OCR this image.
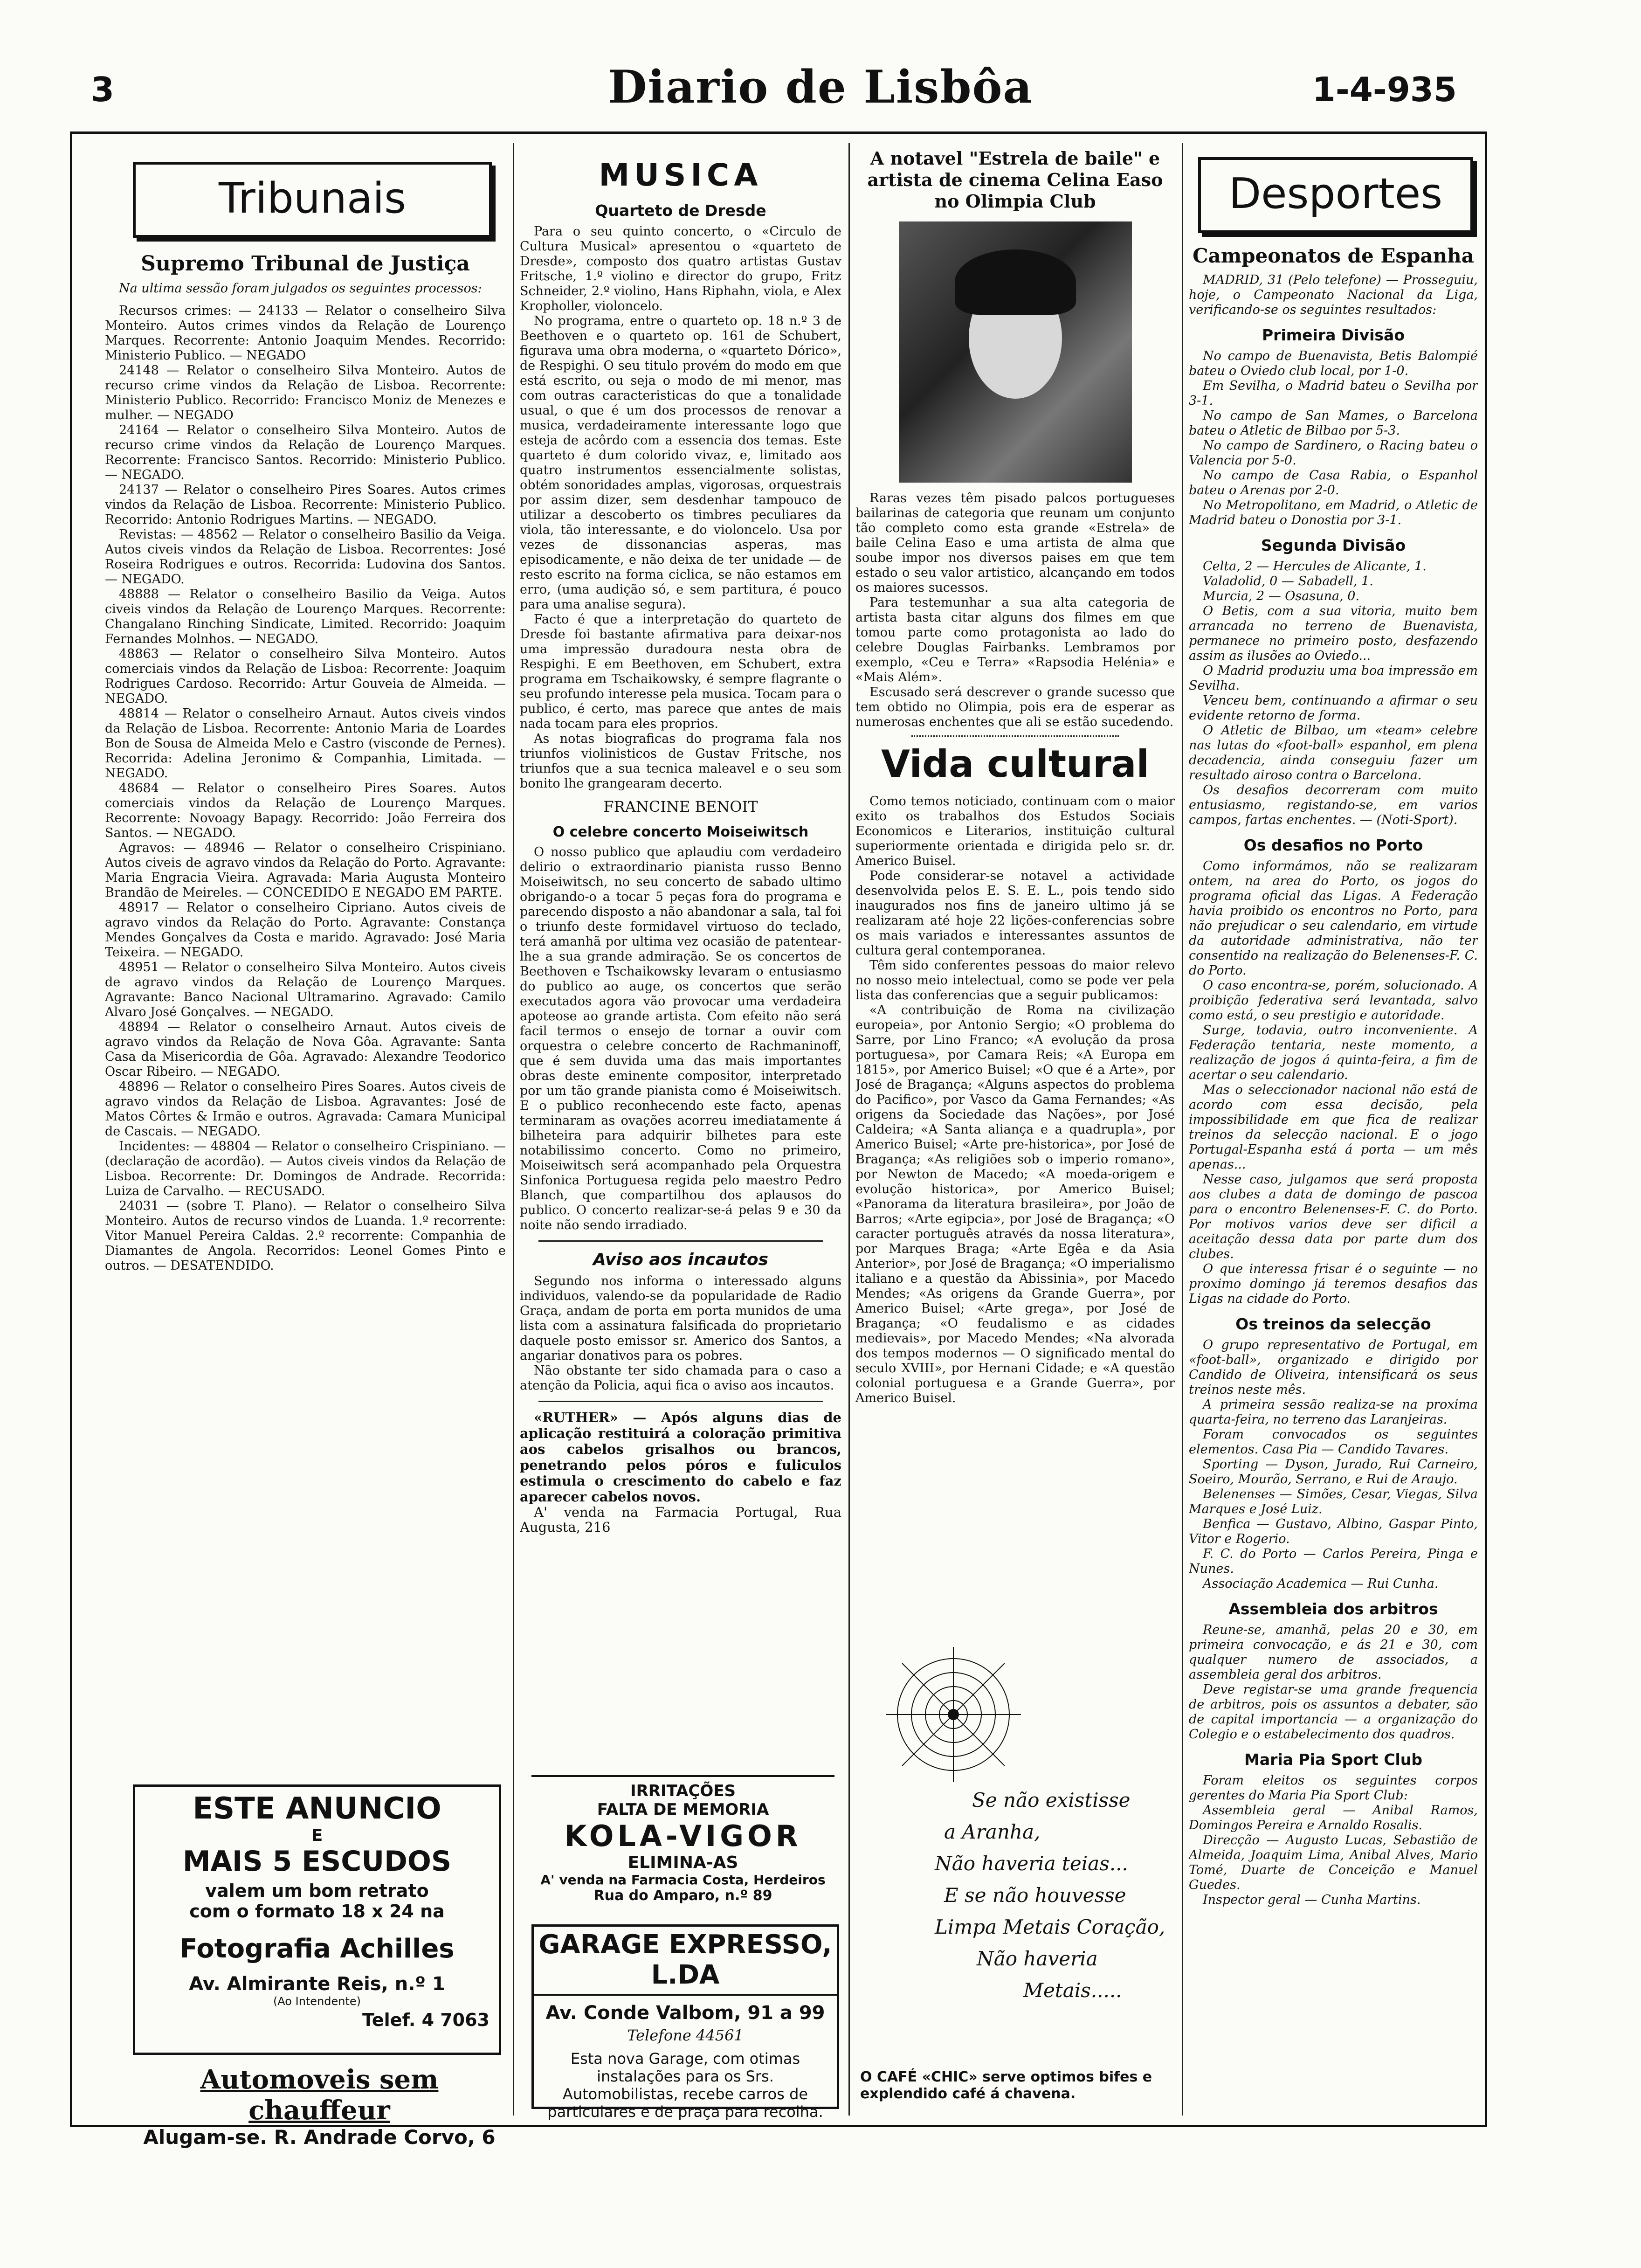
3	Diario de Lisbôa	1-4-935
Tribunais
Supremo Tribunal de Justiça

Na ultima sessão foram julgados os seguintes processos:

Recursos crimes: — 24133 — Relator o conselheiro Silva Monteiro. Autos crimes vindos da Relação de Lourenço Marques. Recorrente: Antonio Joaquim Mendes. Recorrido: Ministerio Publico. — NEGADO

24148 — Relator o conselheiro Silva Monteiro. Autos de recurso crime vindos da Relação de Lisboa. Recorrente: Ministerio Publico. Recorrido: Francisco Moniz de Menezes e mulher. — NEGADO

24164 — Relator o conselheiro Silva Monteiro. Autos de recurso crime vindos da Relação de Lourenço Marques. Recorrente: Francisco Santos. Recorrido: Ministerio Publico. — NEGADO.

24137 — Relator o conselheiro Pires Soares. Autos crimes vindos da Relação de Lisboa. Recorrente: Ministerio Publico. Recorrido: Antonio Rodrigues Martins. — NEGADO.

Revistas: — 48562 — Relator o conselheiro Basilio da Veiga. Autos civeis vindos da Relação de Lisboa. Recorrentes: José Roseira Rodrigues e outros. Recorrida: Ludovina dos Santos. — NEGADO.

48888 — Relator o conselheiro Basilio da Veiga. Autos civeis vindos da Relação de Lourenço Marques. Recorrente: Changalano Rinching Sindicate, Limited. Recorrido: Joaquim Fernandes Molnhos. — NEGADO.

48863 — Relator o conselheiro Silva Monteiro. Autos comerciais vindos da Relação de Lisboa: Recorrente: Joaquim Rodrigues Cardoso. Recorrido: Artur Gouveia de Almeida. — NEGADO.

48814 — Relator o conselheiro Arnaut. Autos civeis vindos da Relação de Lisboa. Recorrente: Antonio Maria de Loardes Bon de Sousa de Almeida Melo e Castro (visconde de Pernes). Recorrida: Adelina Jeronimo & Companhia, Limitada. — NEGADO.

48684 — Relator o conselheiro Pires Soares. Autos comerciais vindos da Relação de Lourenço Marques. Recorrente: Novoagy Bapagy. Recorrido: João Ferreira dos Santos. — NEGADO.

Agravos: — 48946 — Relator o conselheiro Crispiniano. Autos civeis de agravo vindos da Relação do Porto. Agravante: Maria Engracia Vieira. Agravada: Maria Augusta Monteiro Brandão de Meireles. — CONCEDIDO E NEGADO EM PARTE.

48917 — Relator o conselheiro Cipriano. Autos civeis de agravo vindos da Relação do Porto. Agravante: Constança Mendes Gonçalves da Costa e marido. Agravado: José Maria Teixeira. — NEGADO.

48951 — Relator o conselheiro Silva Monteiro. Autos civeis de agravo vindos da Relação de Lourenço Marques. Agravante: Banco Nacional Ultramarino. Agravado: Camilo Alvaro José Gonçalves. — NEGADO.

48894 — Relator o conselheiro Arnaut. Autos civeis de agravo vindos da Relação de Nova Gôa. Agravante: Santa Casa da Misericordia de Gôa. Agravado: Alexandre Teodorico Oscar Ribeiro. — NEGADO.

48896 — Relator o conselheiro Pires Soares. Autos civeis de agravo vindos da Relação de Lisboa. Agravantes: José de Matos Côrtes & Irmão e outros. Agravada: Camara Municipal de Cascais. — NEGADO.

Incidentes: — 48804 — Relator o conselheiro Crispiniano. — (declaração de acordão). — Autos civeis vindos da Relação de Lisboa. Recorrente: Dr. Domingos de Andrade. Recorrida: Luiza de Carvalho. — RECUSADO.

24031 — (sobre T. Plano). — Relator o conselheiro Silva Monteiro. Autos de recurso vindos de Luanda. 1.º recorrente: Vitor Manuel Pereira Caldas. 2.º recorrente: Companhia de Diamantes de Angola. Recorridos: Leonel Gomes Pinto e outros. — DESATENDIDO.

ESTE ANUNCIO
E
MAIS 5 ESCUDOS
valem um bom retrato
com o formato 18 x 24 na
Fotografia Achilles
Av. Almirante Reis, n.º 1
(Ao Intendente)
Telef. 4 7063
Automoveis sem chauffeur
Alugam-se. R. Andrade Corvo, 6
MUSICA
Quarteto de Dresde

Para o seu quinto concerto, o «Circulo de Cultura Musical» apresentou o «quarteto de Dresde», composto dos quatro artistas Gustav Fritsche, 1.º violino e director do grupo, Fritz Schneider, 2.º violino, Hans Riphahn, viola, e Alex Kropholler, violoncelo.

No programa, entre o quarteto op. 18 n.º 3 de Beethoven e o quarteto op. 161 de Schubert, figurava uma obra moderna, o «quarteto Dórico», de Respighi. O seu titulo provém do modo em que está escrito, ou seja o modo de mi menor, mas com outras caracteristicas do que a tonalidade usual, o que é um dos processos de renovar a musica, verdadeiramente interessante logo que esteja de acôrdo com a essencia dos temas. Este quarteto é dum colorido vivaz, e, limitado aos quatro instrumentos essencialmente solistas, obtém sonoridades amplas, vigorosas, orquestrais por assim dizer, sem desdenhar tampouco de utilizar a descoberto os timbres peculiares da viola, tão interessante, e do violoncelo. Usa por vezes de dissonancias asperas, mas episodicamente, e não deixa de ter unidade — de resto escrito na forma ciclica, se não estamos em erro, (uma audição só, e sem partitura, é pouco para uma analise segura).

Facto é que a interpretação do quarteto de Dresde foi bastante afirmativa para deixar-nos uma impressão duradoura nesta obra de Respighi. E em Beethoven, em Schubert, extra programa em Tschaikowsky, é sempre flagrante o seu profundo interesse pela musica. Tocam para o publico, é certo, mas parece que antes de mais nada tocam para eles proprios.

As notas biograficas do programa fala nos triunfos violinisticos de Gustav Fritsche, nos triunfos que a sua tecnica maleavel e o seu som bonito lhe grangearam decerto.

FRANCINE BENOIT
O celebre concerto Moiseiwitsch

O nosso publico que aplaudiu com verdadeiro delirio o extraordinario pianista russo Benno Moiseiwitsch, no seu concerto de sabado ultimo obrigando-o a tocar 5 peças fora do programa e parecendo disposto a não abandonar a sala, tal foi o triunfo deste formidavel virtuoso do teclado, terá amanhã por ultima vez ocasião de patentear-lhe a sua grande admiração. Se os concertos de Beethoven e Tschaikowsky levaram o entusiasmo do publico ao auge, os concertos que serão executados agora vão provocar uma verdadeira apoteose ao grande artista. Com efeito não será facil termos o ensejo de tornar a ouvir com orquestra o celebre concerto de Rachmaninoff, que é sem duvida uma das mais importantes obras deste eminente compositor, interpretado por um tão grande pianista como é Moiseiwitsch. E o publico reconhecendo este facto, apenas terminaram as ovações acorreu imediatamente á bilheteira para adquirir bilhetes para este notabilissimo concerto. Como no primeiro, Moiseiwitsch será acompanhado pela Orquestra Sinfonica Portuguesa regida pelo maestro Pedro Blanch, que compartilhou dos aplausos do publico. O concerto realizar-se-á pelas 9 e 30 da noite não sendo irradiado.

Aviso aos incautos

Segundo nos informa o interessado alguns individuos, valendo-se da popularidade de Radio Graça, andam de porta em porta munidos de uma lista com a assinatura falsificada do proprietario daquele posto emissor sr. Americo dos Santos, a angariar donativos para os pobres.

Não obstante ter sido chamada para o caso a atenção da Policia, aqui fica o aviso aos incautos.

«RUTHER» — Após alguns dias de aplicação restituirá a coloração primitiva aos cabelos grisalhos ou brancos, penetrando pelos póros e fuliculos estimula o crescimento do cabelo e faz aparecer cabelos novos.

A' venda na Farmacia Portugal, Rua Augusta, 216

IRRITAÇÕES
FALTA DE MEMORIA
KOLA-VIGOR
ELIMINA-AS
A' venda na Farmacia Costa, Herdeiros
Rua do Amparo, n.º 89
GARAGE EXPRESSO, L.DA
Av. Conde Valbom, 91 a 99
Telefone 44561
Esta nova Garage, com otimas instalações para os Srs. Automobilistas, recebe carros de particulares e de praça para recolha.
A notavel "Estrela de baile" e artista de cinema Celina Easo no Olimpia Club

Raras vezes têm pisado palcos portugueses bailarinas de categoria que reunam um conjunto tão completo como esta grande «Estrela» de baile Celina Easo e uma artista de alma que soube impor nos diversos paises em que tem estado o seu valor artistico, alcançando em todos os maiores sucessos.

Para testemunhar a sua alta categoria de artista basta citar alguns dos filmes em que tomou parte como protagonista ao lado do celebre Douglas Fairbanks. Lembramos por exemplo, «Ceu e Terra» «Rapsodia Helénia» e «Mais Além».

Escusado será descrever o grande sucesso que tem obtido no Olimpia, pois era de esperar as numerosas enchentes que ali se estão sucedendo.

Vida cultural

Como temos noticiado, continuam com o maior exito os trabalhos dos Estudos Sociais Economicos e Literarios, instituição cultural superiormente orientada e dirigida pelo sr. dr. Americo Buisel.

Pode considerar-se notavel a actividade desenvolvida pelos E. S. E. L., pois tendo sido inaugurados nos fins de janeiro ultimo já se realizaram até hoje 22 lições-conferencias sobre os mais variados e interessantes assuntos de cultura geral contemporanea.

Têm sido conferentes pessoas do maior relevo no nosso meio intelectual, como se pode ver pela lista das conferencias que a seguir publicamos:

«A contribuição de Roma na civilização europeia», por Antonio Sergio; «O problema do Sarre, por Lino Franco; «A evolução da prosa portuguesa», por Camara Reis; «A Europa em 1815», por Americo Buisel; «O que é a Arte», por José de Bragança; «Alguns aspectos do problema do Pacifico», por Vasco da Gama Fernandes; «As origens da Sociedade das Nações», por José Caldeira; «A Santa aliança e a quadrupla», por Americo Buisel; «Arte pre-historica», por José de Bragança; «As religiões sob o imperio romano», por Newton de Macedo; «A moeda-origem e evolução historica», por Americo Buisel; «Panorama da literatura brasileira», por João de Barros; «Arte egipcia», por José de Bragança; «O caracter português através da nossa literatura», por Marques Braga; «Arte Egêa e da Asia Anterior», por José de Bragança; «O imperialismo italiano e a questão da Abissinia», por Macedo Mendes; «As origens da Grande Guerra», por Americo Buisel; «Arte grega», por José de Bragança; «O feudalismo e as cidades medievais», por Macedo Mendes; «Na alvorada dos tempos modernos — O significado mental do seculo XVIII», por Hernani Cidade; e «A questão colonial portuguesa e a Grande Guerra», por Americo Buisel.

Se não existisse
a Aranha,
Não haveria teias...
E se não houvesse
Limpa Metais Coração,
Não haveria
Metais.....
O CAFÉ «CHIC» serve optimos bifes e explendido café á chavena.
Desportes
Campeonatos de Espanha

MADRID, 31 (Pelo telefone) — Prosseguiu, hoje, o Campeonato Nacional da Liga, verificando-se os seguintes resultados:

Primeira Divisão

No campo de Buenavista, Betis Balompié bateu o Oviedo club local, por 1-0.

Em Sevilha, o Madrid bateu o Sevilha por 3-1.

No campo de San Mames, o Barcelona bateu o Atletic de Bilbao por 5-3.

No campo de Sardinero, o Racing bateu o Valencia por 5-0.

No campo de Casa Rabia, o Espanhol bateu o Arenas por 2-0.

No Metropolitano, em Madrid, o Atletic de Madrid bateu o Donostia por 3-1.

Segunda Divisão

Celta, 2 — Hercules de Alicante, 1.

Valadolid, 0 — Sabadell, 1.

Murcia, 2 — Osasuna, 0.

O Betis, com a sua vitoria, muito bem arrancada no terreno de Buenavista, permanece no primeiro posto, desfazendo assim as ilusões ao Oviedo...

O Madrid produziu uma boa impressão em Sevilha.

Venceu bem, continuando a afirmar o seu evidente retorno de forma.

O Atletic de Bilbao, um «team» celebre nas lutas do «foot-ball» espanhol, em plena decadencia, ainda conseguiu fazer um resultado airoso contra o Barcelona.

Os desafios decorreram com muito entusiasmo, registando-se, em varios campos, fartas enchentes. — (Noti-Sport).

Os desafios no Porto

Como informámos, não se realizaram ontem, na area do Porto, os jogos do programa oficial das Ligas. A Federação havia proibido os encontros no Porto, para não prejudicar o seu calendario, em virtude da autoridade administrativa, não ter consentido na realização do Belenenses-F. C. do Porto.

O caso encontra-se, porém, solucionado. A proibição federativa será levantada, salvo como está, o seu prestigio e autoridade.

Surge, todavia, outro inconveniente. A Federação tentaria, neste momento, a realização de jogos á quinta-feira, a fim de acertar o seu calendario.

Mas o seleccionador nacional não está de acordo com essa decisão, pela impossibilidade em que fica de realizar treinos da selecção nacional. E o jogo Portugal-Espanha está á porta — um mês apenas...

Nesse caso, julgamos que será proposta aos clubes a data de domingo de pascoa para o encontro Belenenses-F. C. do Porto. Por motivos varios deve ser dificil a aceitação dessa data por parte dum dos clubes.

O que interessa frisar é o seguinte — no proximo domingo já teremos desafios das Ligas na cidade do Porto.

Os treinos da selecção

O grupo representativo de Portugal, em «foot-ball», organizado e dirigido por Candido de Oliveira, intensificará os seus treinos neste mês.

A primeira sessão realiza-se na proxima quarta-feira, no terreno das Laranjeiras.

Foram convocados os seguintes elementos. Casa Pia — Candido Tavares.

Sporting — Dyson, Jurado, Rui Carneiro, Soeiro, Mourão, Serrano, e Rui de Araujo.

Belenenses — Simões, Cesar, Viegas, Silva Marques e José Luiz.

Benfica — Gustavo, Albino, Gaspar Pinto, Vitor e Rogerio.

F. C. do Porto — Carlos Pereira, Pinga e Nunes.

Associação Academica — Rui Cunha.

Assembleia dos arbitros

Reune-se, amanhã, pelas 20 e 30, em primeira convocação, e ás 21 e 30, com qualquer numero de associados, a assembleia geral dos arbitros.

Deve registar-se uma grande frequencia de arbitros, pois os assuntos a debater, são de capital importancia — a organização do Colegio e o estabelecimento dos quadros.

Maria Pia Sport Club

Foram eleitos os seguintes corpos gerentes do Maria Pia Sport Club:

Assembleia geral — Anibal Ramos, Domingos Pereira e Arnaldo Rosalis.

Direcção — Augusto Lucas, Sebastião de Almeida, Joaquim Lima, Anibal Alves, Mario Tomé, Duarte de Conceição e Manuel Guedes.

Inspector geral — Cunha Martins.
